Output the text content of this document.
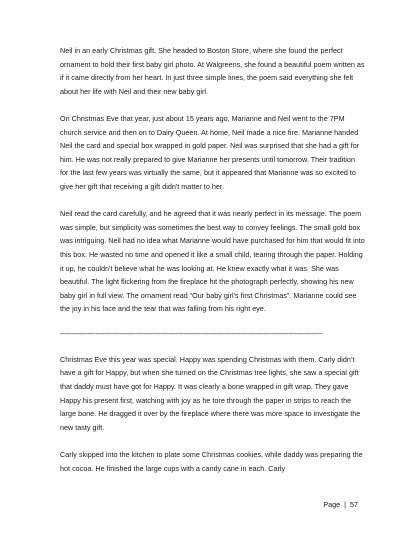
Neil in an early Christmas gift. She headed to Boston Store, where she found the perfect ornament to hold their first baby girl photo. At Walgreens, she found a beautiful poem written as if it came directly from her heart. In just three simple lines, the poem said everything she felt about her life with Neil and their new baby girl.

On Christmas Eve that year, just about 15 years ago, Marianne and Neil went to the 7PM church service and then on to Dairy Queen. At home, Neil made a nice fire. Marianne handed Neil the card and special box wrapped in gold paper. Neil was surprised that she had a gift for him. He was not really prepared to give Marianne her presents until tomorrow. Their tradition for the last few years was virtually the same, but it appeared that Marianne was so excited to give her gift that receiving a gift didn't matter to her.

Neil read the card carefully, and he agreed that it was nearly perfect in its message. The poem was simple, but simplicity was sometimes the best way to convey feelings. The small gold box was intriguing. Neil had no idea what Marianne would have purchased for him that would fit into this box. He wasted no time and opened it like a small child, tearing through the paper. Holding it up, he couldn't believe what he was looking at. He knew exactly what it was. She was beautiful. The light flickering from the fireplace hit the photograph perfectly, showing his new baby girl in full view. The ornament read “Our baby girl’s first Christmas”. Marianne could see the joy in his face and the tear that was falling from his right eye.

-----------------------------------------------------------------------------------------------------------------------------

Christmas Eve this year was special. Happy was spending Christmas with them. Carly didn’t have a gift for Happy, but when she turned on the Christmas tree lights, she saw a special gift that daddy must have got for Happy. It was clearly a bone wrapped in gift wrap. They gave Happy his present first, watching with joy as he tore through the paper in strips to reach the large bone. He dragged it over by the fireplace where there was more space to investigate the new tasty gift.

Carly skipped into the kitchen to plate some Christmas cookies, while daddy was preparing the hot cocoa. He finished the large cups with a candy cane in each. Carly

Page | 57
